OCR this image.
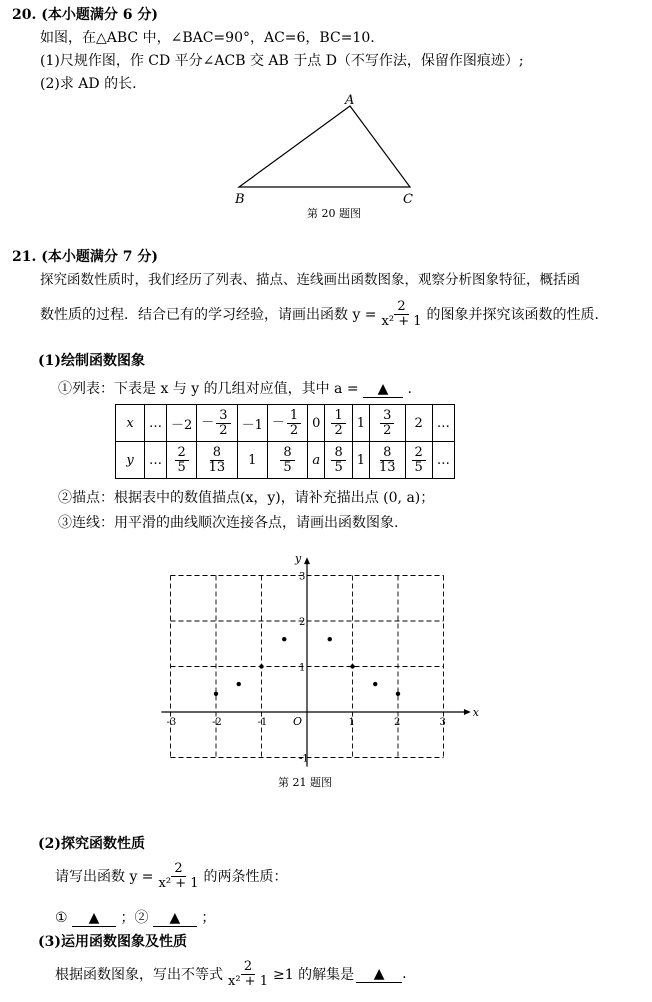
20. (本小题满分 6 分)
如图，在△ABC 中，∠BAC=90°，AC=6，BC=10.
(1)尺规作图，作 CD 平分∠ACB 交 AB 于点 D（不写作法，保留作图痕迹）;
(2)求 AD 的长.
A
B	C
第 20 题图
21. (本小题满分 7 分)
探究函数性质时，我们经历了列表、描点、连线画出函数图象，观察分析图象特征，概括函
数性质的过程．结合已有的学习经验，请画出函数 $y = \frac{2}{\text{x² + 1}}$ 的图象并探究该函数的性质．
(1)绘制函数图象
①列表：下表是 x 与 y 的几组对应值，其中 a = ▲ .
x	…	－2	－ $\frac{3}{2}$	－1	－ $\frac{1}{2}$	0	$\frac{1}{2}$	1	$\frac{3}{2}$	2	…
y	…	$\frac{2}{5}$	$\frac{8}{13}$	1	$\frac{8}{5}$	a	$\frac{8}{5}$	1	$\frac{8}{13}$	$\frac{2}{5}$	…
②描点：根据表中的数值描点(x，y)，请补充描出点 (0, a)；
③连线：用平滑的曲线顺次连接各点，请画出函数图象.
-3	-2	-1	1	2	3
3
2
1
-1
x
y
O
第 21 题图
(2)探究函数性质
请写出函数 $y = \frac{2}{\text{x² + 1}}$ 的两条性质：
① ▲ ；② ▲ ；
(3)运用函数图象及性质
根据函数图象，写出不等式 $\frac{2}{\text{x² + 1}} \ge 1$ 的解集是	▲	.
